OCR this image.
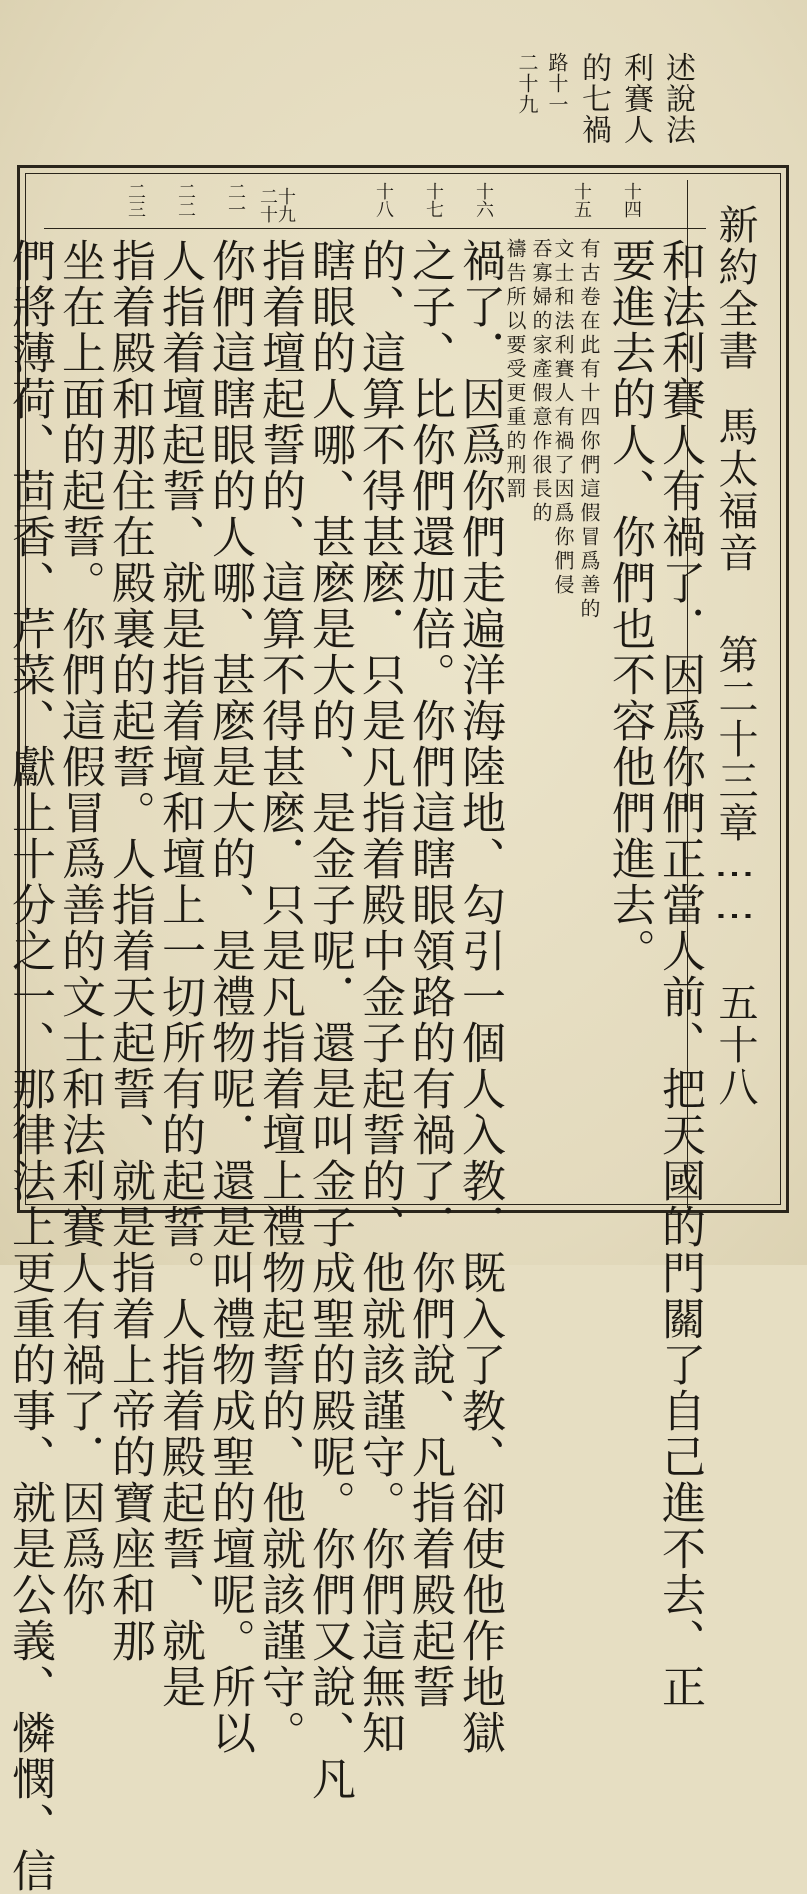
述說法
利賽人
的七禍
路十一
二十九
新約全書
馬太福音
第二十三章
⋮⋮
五十八
十四
十五
十六
十七
十八
十九二十
二一
二二
二三
和法利賽人有禍了．因爲你們正當人前、把天國的門關了自己進不去、正
要進去的人、你們也不容他們進去。
有古卷在此有十四你們這假冒爲善的
文士和法利賽人有禍了因爲你們侵
吞寡婦的家產假意作很長的
禱告所以要受更重的刑罰
禍了．因爲你們走遍洋海陸地、勾引一個人入教．既入了教、卻使他作地獄
之子、比你們還加倍。你們這瞎眼領路的有禍了．你們說、凡指着殿起誓
的、這算不得甚麽．只是凡指着殿中金子起誓的、他就該謹守。你們這無知
瞎眼的人哪、甚麽是大的、是金子呢．還是叫金子成聖的殿呢。你們又說、凡
指着壇起誓的、這算不得甚麽．只是凡指着壇上禮物起誓的、他就該謹守。
你們這瞎眼的人哪、甚麽是大的、是禮物呢．還是叫禮物成聖的壇呢。所以
人指着壇起誓、就是指着壇和壇上一切所有的起誓。人指着殿起誓、就是
指着殿和那住在殿裏的起誓。人指着天起誓、就是指着上帝的寶座和那
坐在上面的起誓。你們這假冒爲善的文士和法利賽人有禍了．因爲你
們將薄荷、茴香、芹菜、獻上十分之一、那律法上更重的事、就是公義、憐憫、信
